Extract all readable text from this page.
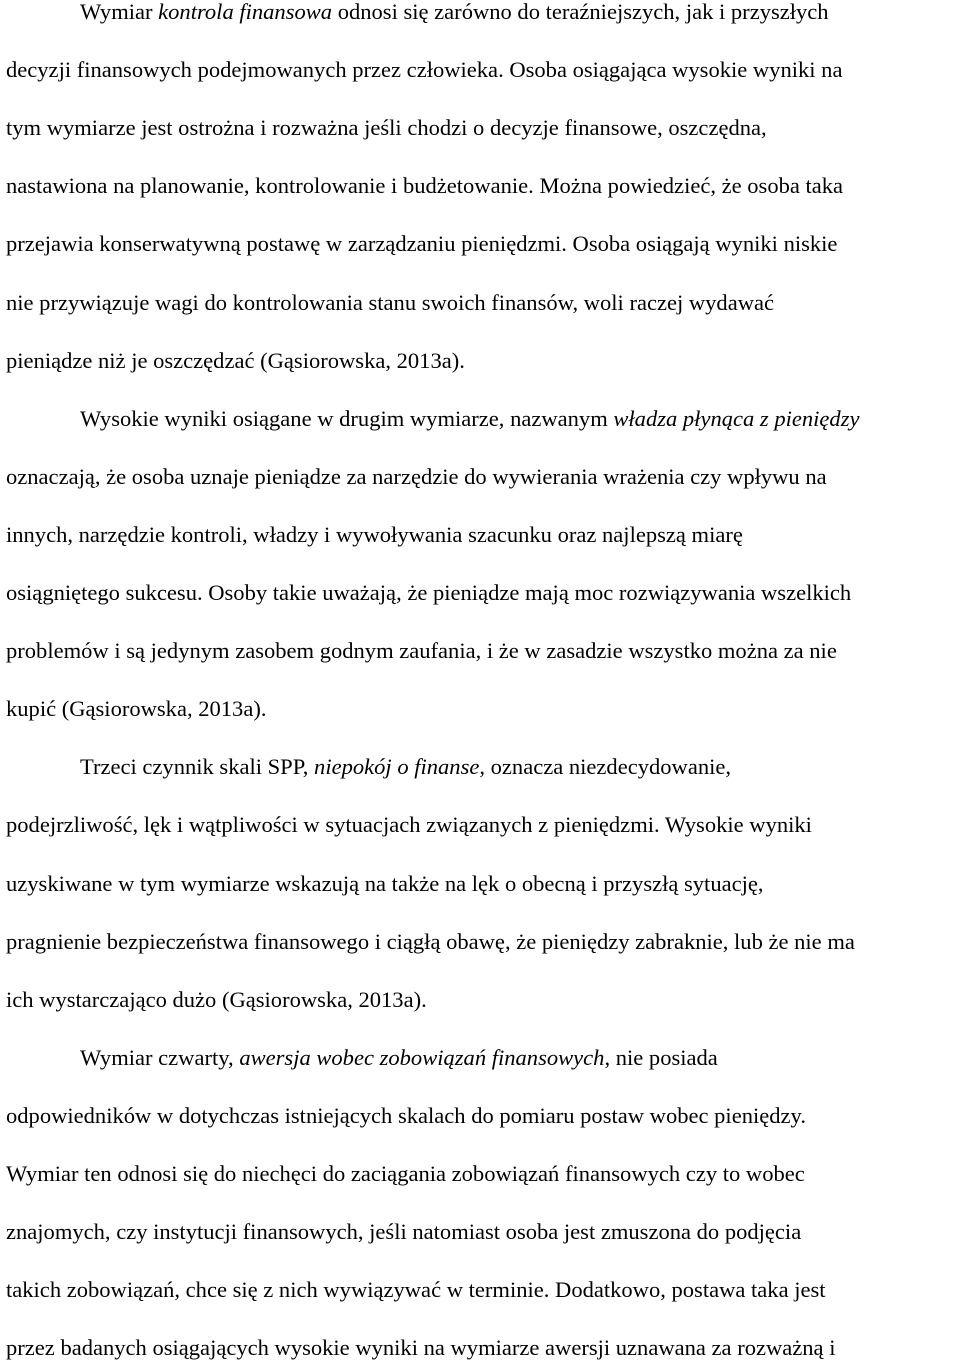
Wymiar kontrola finansowa odnosi się zarówno do teraźniejszych, jak i przyszłych
decyzji finansowych podejmowanych przez człowieka. Osoba osiągająca wysokie wyniki na
tym wymiarze jest ostrożna i rozważna jeśli chodzi o decyzje finansowe, oszczędna,
nastawiona na planowanie, kontrolowanie i budżetowanie. Można powiedzieć, że osoba taka
przejawia konserwatywną postawę w zarządzaniu pieniędzmi. Osoba osiągają wyniki niskie
nie przywiązuje wagi do kontrolowania stanu swoich finansów, woli raczej wydawać
pieniądze niż je oszczędzać (Gąsiorowska, 2013a).
Wysokie wyniki osiągane w drugim wymiarze, nazwanym władza płynąca z pieniędzy
oznaczają, że osoba uznaje pieniądze za narzędzie do wywierania wrażenia czy wpływu na
innych, narzędzie kontroli, władzy i wywoływania szacunku oraz najlepszą miarę
osiągniętego sukcesu. Osoby takie uważają, że pieniądze mają moc rozwiązywania wszelkich
problemów i są jedynym zasobem godnym zaufania, i że w zasadzie wszystko można za nie
kupić (Gąsiorowska, 2013a).
Trzeci czynnik skali SPP, niepokój o finanse, oznacza niezdecydowanie,
podejrzliwość, lęk i wątpliwości w sytuacjach związanych z pieniędzmi. Wysokie wyniki
uzyskiwane w tym wymiarze wskazują na także na lęk o obecną i przyszłą sytuację,
pragnienie bezpieczeństwa finansowego i ciągłą obawę, że pieniędzy zabraknie, lub że nie ma
ich wystarczająco dużo (Gąsiorowska, 2013a).
Wymiar czwarty, awersja wobec zobowiązań finansowych, nie posiada
odpowiedników w dotychczas istniejących skalach do pomiaru postaw wobec pieniędzy.
Wymiar ten odnosi się do niechęci do zaciągania zobowiązań finansowych czy to wobec
znajomych, czy instytucji finansowych, jeśli natomiast osoba jest zmuszona do podjęcia
takich zobowiązań, chce się z nich wywiązywać w terminie. Dodatkowo, postawa taka jest
przez badanych osiągających wysokie wyniki na wymiarze awersji uznawana za rozważną i
